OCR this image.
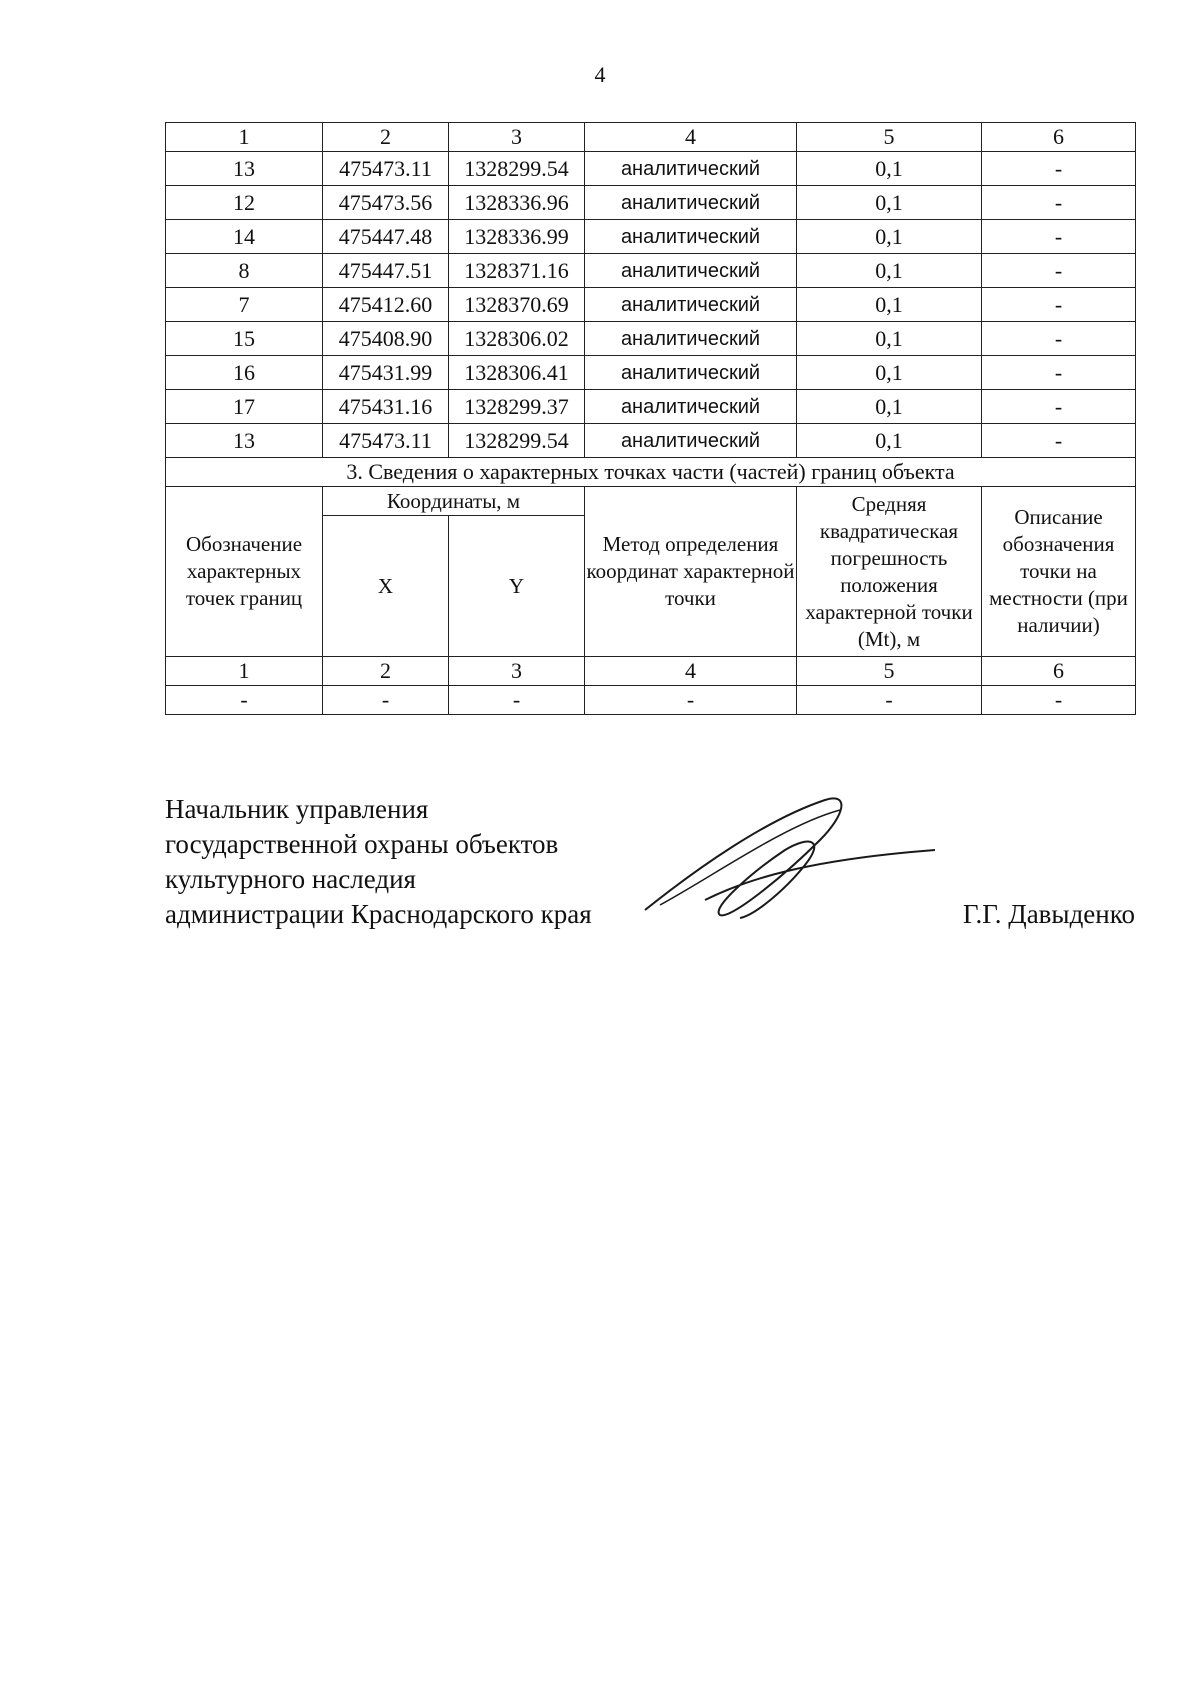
4
1	2	3	4	5	6
13	475473.11	1328299.54	аналитический	0,1	-
12	475473.56	1328336.96	аналитический	0,1	-
14	475447.48	1328336.99	аналитический	0,1	-
8	475447.51	1328371.16	аналитический	0,1	-
7	475412.60	1328370.69	аналитический	0,1	-
15	475408.90	1328306.02	аналитический	0,1	-
16	475431.99	1328306.41	аналитический	0,1	-
17	475431.16	1328299.37	аналитический	0,1	-
13	475473.11	1328299.54	аналитический	0,1	-
3. Сведения о характерных точках части (частей) границ объекта					
Обозначение характерных точек границ	Координаты, м		Метод определения координат характерной точки	Средняя квадратическая погрешность положения характерной точки (Mt), м	Описание обозначения точки на местности (при наличии)
	X	Y			
1	2	3	4	5	6
-	-	-	-	-	-
Начальник управления
государственной охраны объектов
культурного наследия
администрации Краснодарского края	Г.Г. Давыденко
